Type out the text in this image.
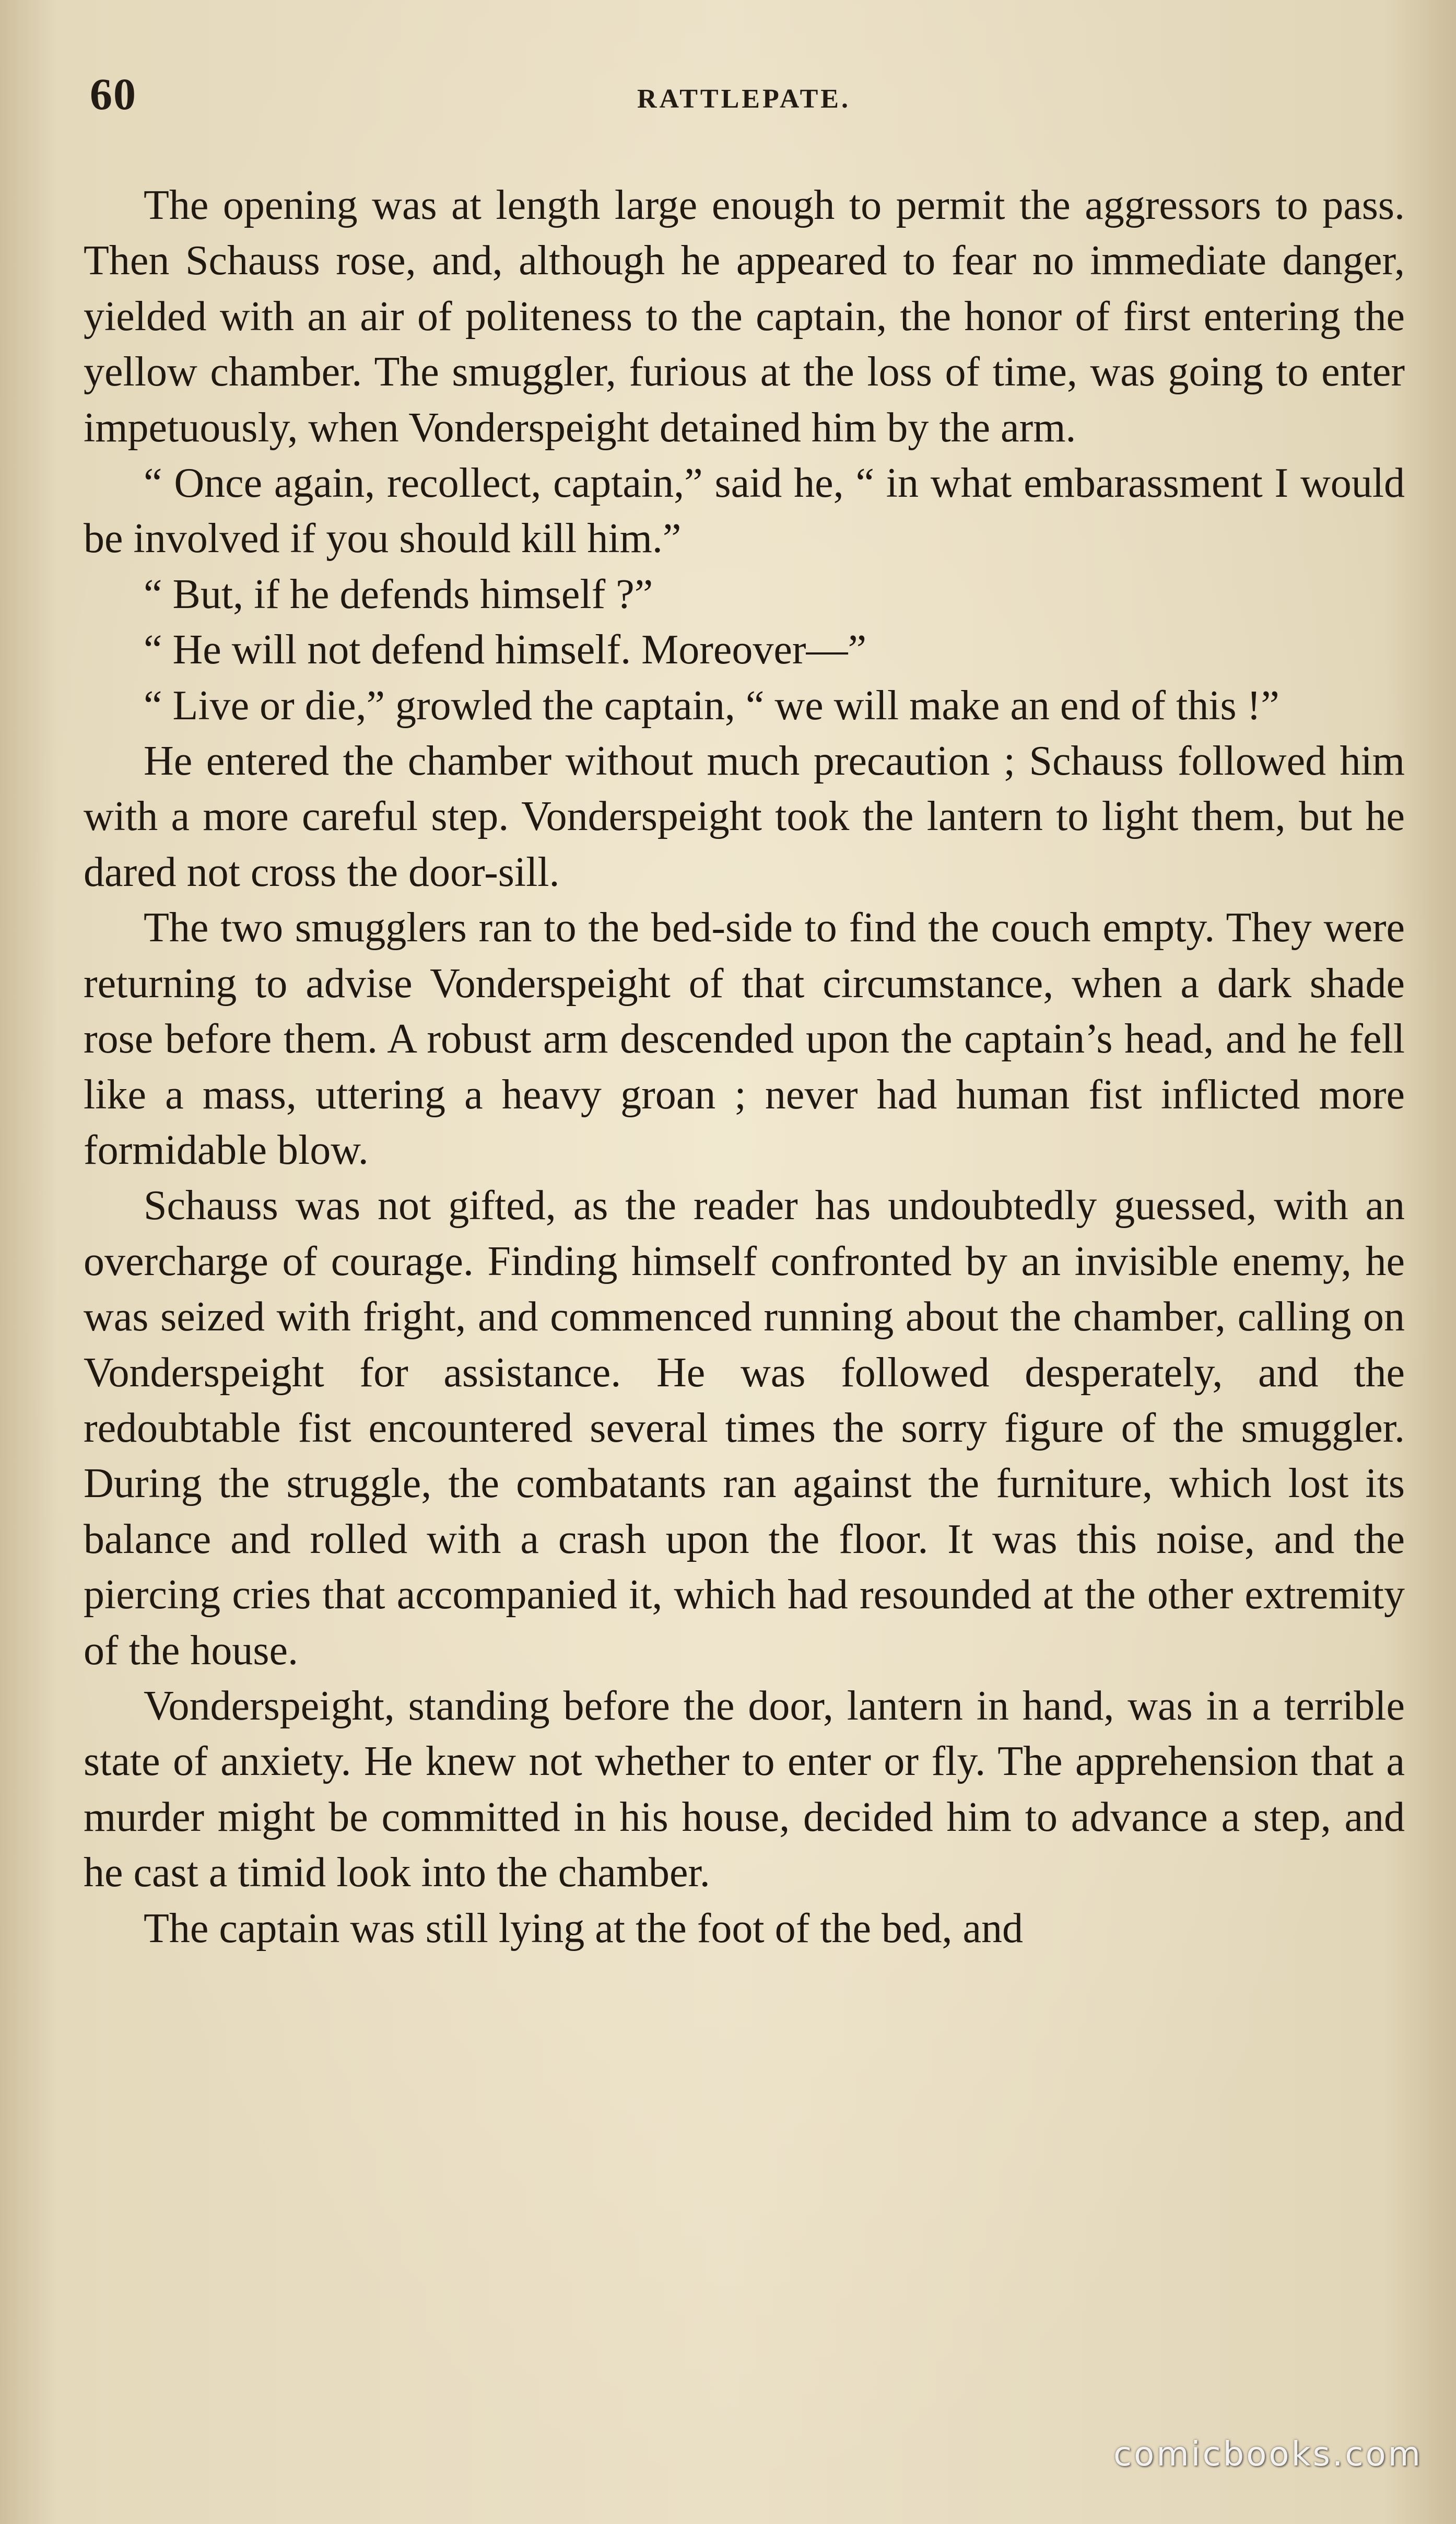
60	RATTLEPATE.

The opening was at length large enough to permit the aggressors to pass. Then Schauss rose, and, although he appeared to fear no immediate danger, yielded with an air of politeness to the captain, the honor of first entering the yellow chamber. The smuggler, furious at the loss of time, was going to enter impetuously, when Vonderspeight detained him by the arm.

“ Once again, recollect, captain,” said he, “ in what embarassment I would be involved if you should kill him.”

“ But, if he defends himself ?”

“ He will not defend himself. Moreover—”

“ Live or die,” growled the captain, “ we will make an end of this !”

He entered the chamber without much precaution ; Schauss followed him with a more careful step. Vonderspeight took the lantern to light them, but he dared not cross the door-sill.

The two smugglers ran to the bed-side to find the couch empty. They were returning to advise Vonderspeight of that circumstance, when a dark shade rose before them. A robust arm descended upon the captain’s head, and he fell like a mass, uttering a heavy groan ; never had human fist inflicted more formidable blow.

Schauss was not gifted, as the reader has undoubtedly guessed, with an overcharge of courage. Finding himself confronted by an invisible enemy, he was seized with fright, and commenced running about the chamber, calling on Vonderspeight for assistance. He was followed desperately, and the redoubtable fist encountered several times the sorry figure of the smuggler. During the struggle, the combatants ran against the furniture, which lost its balance and rolled with a crash upon the floor. It was this noise, and the piercing cries that accompanied it, which had resounded at the other extremity of the house.

Vonderspeight, standing before the door, lantern in hand, was in a terrible state of anxiety. He knew not whether to enter or fly. The apprehension that a murder might be committed in his house, decided him to advance a step, and he cast a timid look into the chamber.

The captain was still lying at the foot of the bed, and

comicbooks.com
